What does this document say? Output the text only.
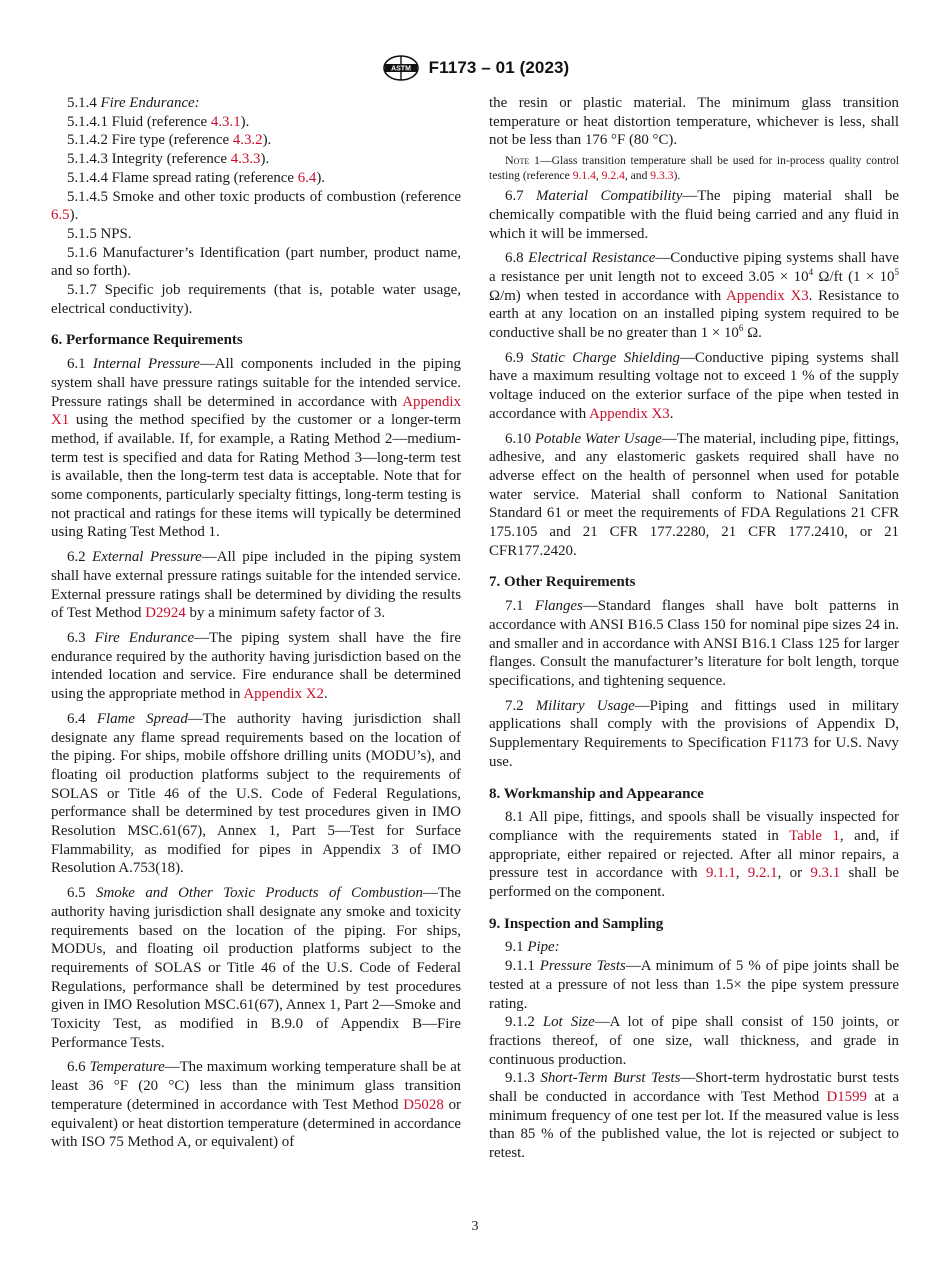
ASTM F1173 – 01 (2023)

5.1.4 Fire Endurance:

5.1.4.1 Fluid (reference 4.3.1).

5.1.4.2 Fire type (reference 4.3.2).

5.1.4.3 Integrity (reference 4.3.3).

5.1.4.4 Flame spread rating (reference 6.4).

5.1.4.5 Smoke and other toxic products of combustion (reference 6.5).

5.1.5 NPS.

5.1.6 Manufacturer’s Identification (part number, product name, and so forth).

5.1.7 Specific job requirements (that is, potable water usage, electrical conductivity).

6. Performance Requirements

6.1 Internal Pressure—All components included in the piping system shall have pressure ratings suitable for the intended service. Pressure ratings shall be determined in accordance with Appendix X1 using the method specified by the customer or a longer-term method, if available. If, for example, a Rating Method 2—medium-term test is specified and data for Rating Method 3—long-term test is available, then the long-term test data is acceptable. Note that for some components, particularly specialty fittings, long-term testing is not practical and ratings for these items will typically be determined using Rating Test Method 1.

6.2 External Pressure—All pipe included in the piping system shall have external pressure ratings suitable for the intended service. External pressure ratings shall be determined by dividing the results of Test Method D2924 by a minimum safety factor of 3.

6.3 Fire Endurance—The piping system shall have the fire endurance required by the authority having jurisdiction based on the intended location and service. Fire endurance shall be determined using the appropriate method in Appendix X2.

6.4 Flame Spread—The authority having jurisdiction shall designate any flame spread requirements based on the location of the piping. For ships, mobile offshore drilling units (MODU’s), and floating oil production platforms subject to the requirements of SOLAS or Title 46 of the U.S. Code of Federal Regulations, performance shall be determined by test procedures given in IMO Resolution MSC.61(67), Annex 1, Part 5—Test for Surface Flammability, as modified for pipes in Appendix 3 of IMO Resolution A.753(18).

6.5 Smoke and Other Toxic Products of Combustion—The authority having jurisdiction shall designate any smoke and toxicity requirements based on the location of the piping. For ships, MODUs, and floating oil production platforms subject to the requirements of SOLAS or Title 46 of the U.S. Code of Federal Regulations, performance shall be determined by test procedures given in IMO Resolution MSC.61(67), Annex 1, Part 2—Smoke and Toxicity Test, as modified in B.9.0 of Appendix B—Fire Performance Tests.

6.6 Temperature—The maximum working temperature shall be at least 36 °F (20 °C) less than the minimum glass transition temperature (determined in accordance with Test Method D5028 or equivalent) or heat distortion temperature (determined in accordance with ISO 75 Method A, or equivalent) of

the resin or plastic material. The minimum glass transition temperature or heat distortion temperature, whichever is less, shall not be less than 176 °F (80 °C).

Note 1—Glass transition temperature shall be used for in-process quality control testing (reference 9.1.4, 9.2.4, and 9.3.3).

6.7 Material Compatibility—The piping material shall be chemically compatible with the fluid being carried and any fluid in which it will be immersed.

6.8 Electrical Resistance—Conductive piping systems shall have a resistance per unit length not to exceed $3.05 \times 10^4$ Ω/ft ($1 \times 10^5$ Ω/m) when tested in accordance with Appendix X3. Resistance to earth at any location on an installed piping system required to be conductive shall be no greater than $1 \times 10^6$ Ω.

6.9 Static Charge Shielding—Conductive piping systems shall have a maximum resulting voltage not to exceed 1 % of the supply voltage induced on the exterior surface of the pipe when tested in accordance with Appendix X3.

6.10 Potable Water Usage—The material, including pipe, fittings, adhesive, and any elastomeric gaskets required shall have no adverse effect on the health of personnel when used for potable water service. Material shall conform to National Sanitation Standard 61 or meet the requirements of FDA Regulations 21 CFR 175.105 and 21 CFR 177.2280, 21 CFR 177.2410, or 21 CFR177.2420.

7. Other Requirements

7.1 Flanges—Standard flanges shall have bolt patterns in accordance with ANSI B16.5 Class 150 for nominal pipe sizes 24 in. and smaller and in accordance with ANSI B16.1 Class 125 for larger flanges. Consult the manufacturer’s literature for bolt length, torque specifications, and tightening sequence.

7.2 Military Usage—Piping and fittings used in military applications shall comply with the provisions of Appendix D, Supplementary Requirements to Specification F1173 for U.S. Navy use.

8. Workmanship and Appearance

8.1 All pipe, fittings, and spools shall be visually inspected for compliance with the requirements stated in Table 1, and, if appropriate, either repaired or rejected. After all minor repairs, a pressure test in accordance with 9.1.1, 9.2.1, or 9.3.1 shall be performed on the component.

9. Inspection and Sampling

9.1 Pipe:

9.1.1 Pressure Tests—A minimum of 5 % of pipe joints shall be tested at a pressure of not less than 1.5× the pipe system pressure rating.

9.1.2 Lot Size—A lot of pipe shall consist of 150 joints, or fractions thereof, of one size, wall thickness, and grade in continuous production.

9.1.3 Short-Term Burst Tests—Short-term hydrostatic burst tests shall be conducted in accordance with Test Method D1599 at a minimum frequency of one test per lot. If the measured value is less than 85 % of the published value, the lot is rejected or subject to retest.

3
